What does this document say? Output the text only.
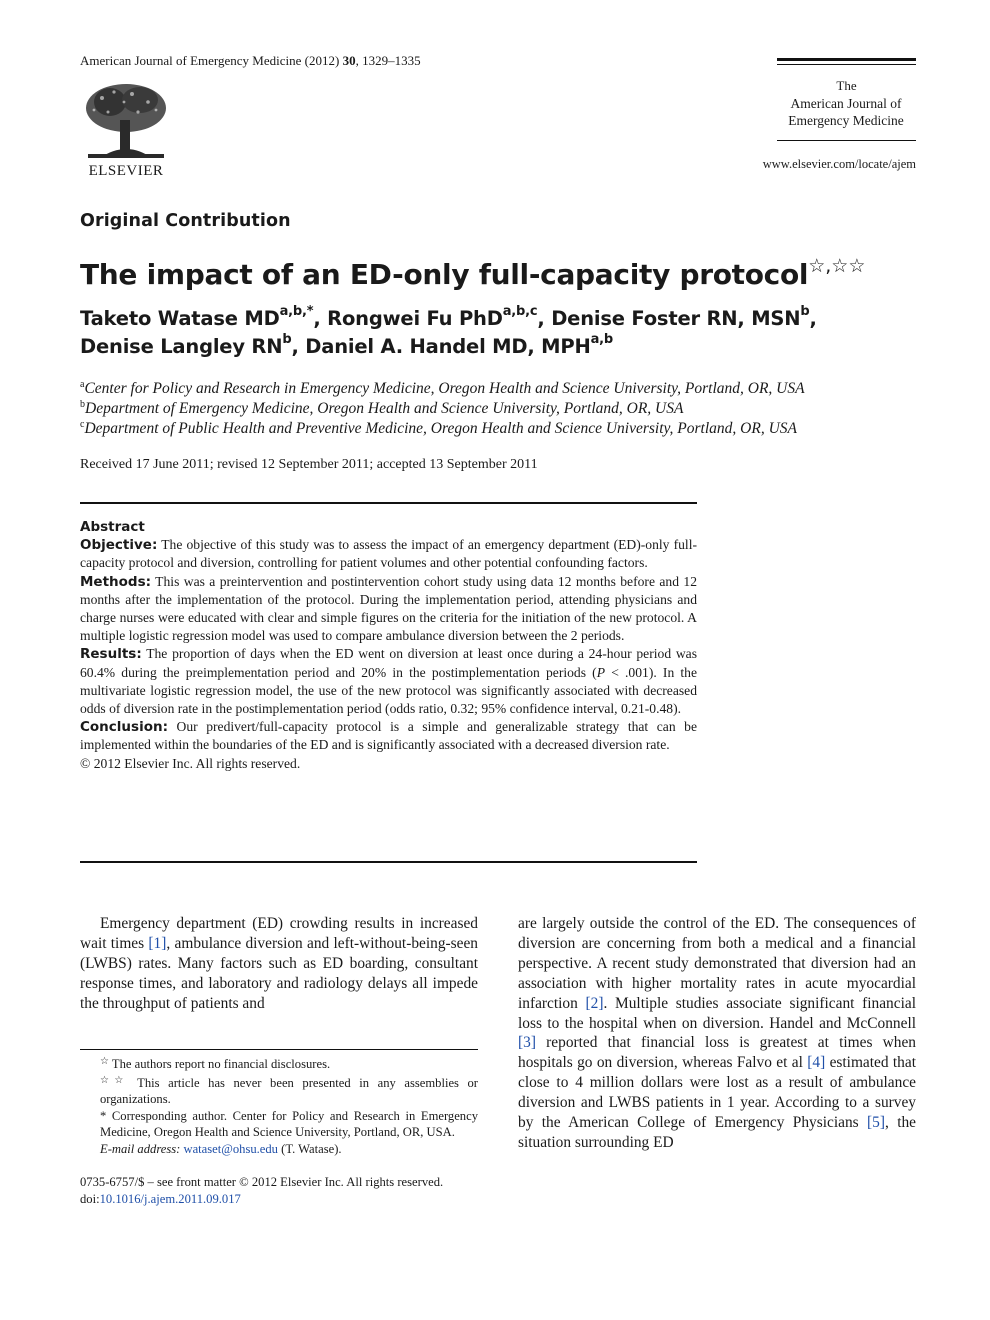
American Journal of Emergency Medicine (2012) 30, 1329–1335
ELSEVIER
The
American Journal of
Emergency Medicine
www.elsevier.com/locate/ajem
Original Contribution
The impact of an ED-only full-capacity protocol☆,☆☆
Taketo Watase $MD^{a,b,*}$, Rongwei Fu PhD$^{a,b,c}$, Denise Foster RN, MSN$^b$,
Denise Langley $RN^b$, Daniel A. Handel MD, MPH$^{a,b}$
$^a$Center for Policy and Research in Emergency Medicine, Oregon Health and Science University, Portland, OR, USA
$^b$Department of Emergency Medicine, Oregon Health and Science University, Portland, OR, USA
$^c$Department of Public Health and Preventive Medicine, Oregon Health and Science University, Portland, OR, USA
Received 17 June 2011; revised 12 September 2011; accepted 13 September 2011
Abstract

Objective: The objective of this study was to assess the impact of an emergency department (ED)-only full-capacity protocol and diversion, controlling for patient volumes and other potential confounding factors.

Methods: This was a preintervention and postintervention cohort study using data 12 months before and 12 months after the implementation of the protocol. During the implementation period, attending physicians and charge nurses were educated with clear and simple figures on the criteria for the initiation of the new protocol. A multiple logistic regression model was used to compare ambulance diversion between the 2 periods.

Results: The proportion of days when the ED went on diversion at least once during a 24-hour period was 60.4% during the preimplementation period and 20% in the postimplementation periods (P < .001). In the multivariate logistic regression model, the use of the new protocol was significantly associated with decreased odds of diversion rate in the postimplementation period (odds ratio, 0.32; 95% confidence interval, 0.21-0.48).

Conclusion: Our predivert/full-capacity protocol is a simple and generalizable strategy that can be implemented within the boundaries of the ED and is significantly associated with a decreased diversion rate.

© 2012 Elsevier Inc. All rights reserved.

Emergency department (ED) crowding results in increased wait times [1], ambulance diversion and left-without-being-seen (LWBS) rates. Many factors such as ED boarding, consultant response times, and laboratory and radiology delays all impede the throughput of patients and

are largely outside the control of the ED. The consequences of diversion are concerning from both a medical and a financial perspective. A recent study demonstrated that diversion had an association with higher mortality rates in acute myocardial infarction [2]. Multiple studies associate significant financial loss to the hospital when on diversion. Handel and McConnell [3] reported that financial loss is greatest at times when hospitals go on diversion, whereas Falvo et al [4] estimated that close to 4 million dollars were lost as a result of ambulance diversion and LWBS patients in 1 year. According to a survey by the American College of Emergency Physicians [5], the situation surrounding ED

☆ The authors report no financial disclosures.

☆☆ This article has never been presented in any assemblies or organizations.

* Corresponding author. Center for Policy and Research in Emergency Medicine, Oregon Health and Science University, Portland, OR, USA.

E-mail address: wataset@ohsu.edu (T. Watase).

0735-6757/$ – see front matter © 2012 Elsevier Inc. All rights reserved.
doi:10.1016/j.ajem.2011.09.017
